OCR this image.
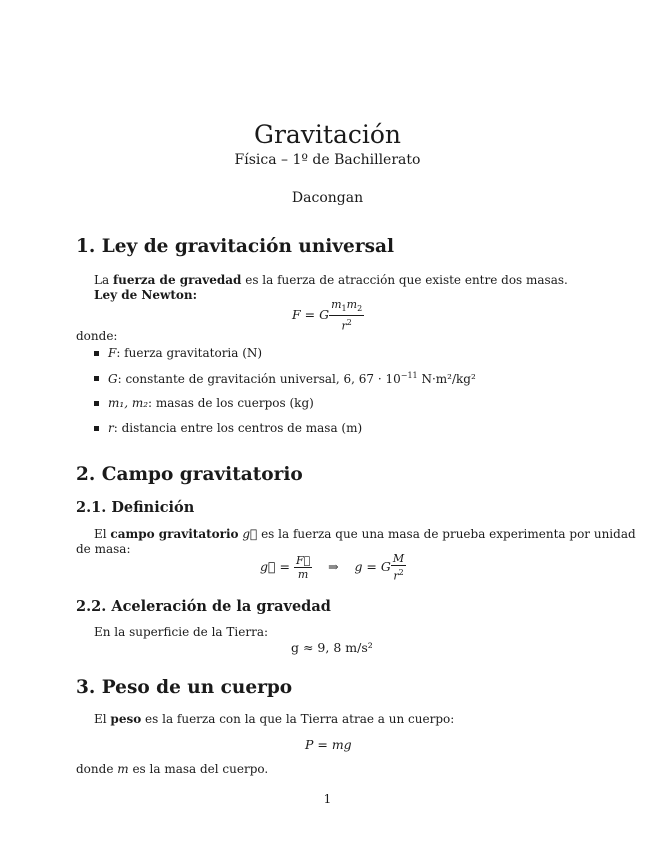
Gravitación
Física – 1º de Bachillerato
Dacongan
1. Ley de gravitación universal
La fuerza de gravedad es la fuerza de atracción que existe entre dos masas.
Ley de Newton:
F = G $\frac{m_1m_2}{r^2}$
donde:
F: fuerza gravitatoria (N)
G: constante de gravitación universal, 6, $67 \cdot 10^{-11}$ N·m²/kg²
m₁, m₂: masas de los cuerpos (kg)
r: distancia entre los centros de masa (m)
2. Campo gravitatorio
2.1. Definición
El campo gravitatorio g⃗ es la fuerza que una masa de prueba experimenta por unidad
de masa:
g⃗ = $\frac{F⃗}{m}$ ⇒    g = G $\frac{M}{r^2}$
2.2. Aceleración de la gravedad
En la superficie de la Tierra:
g ≈ 9, 8 m/s²
3. Peso de un cuerpo
El peso es la fuerza con la que la Tierra atrae a un cuerpo:
P = mg
donde m es la masa del cuerpo.
1
